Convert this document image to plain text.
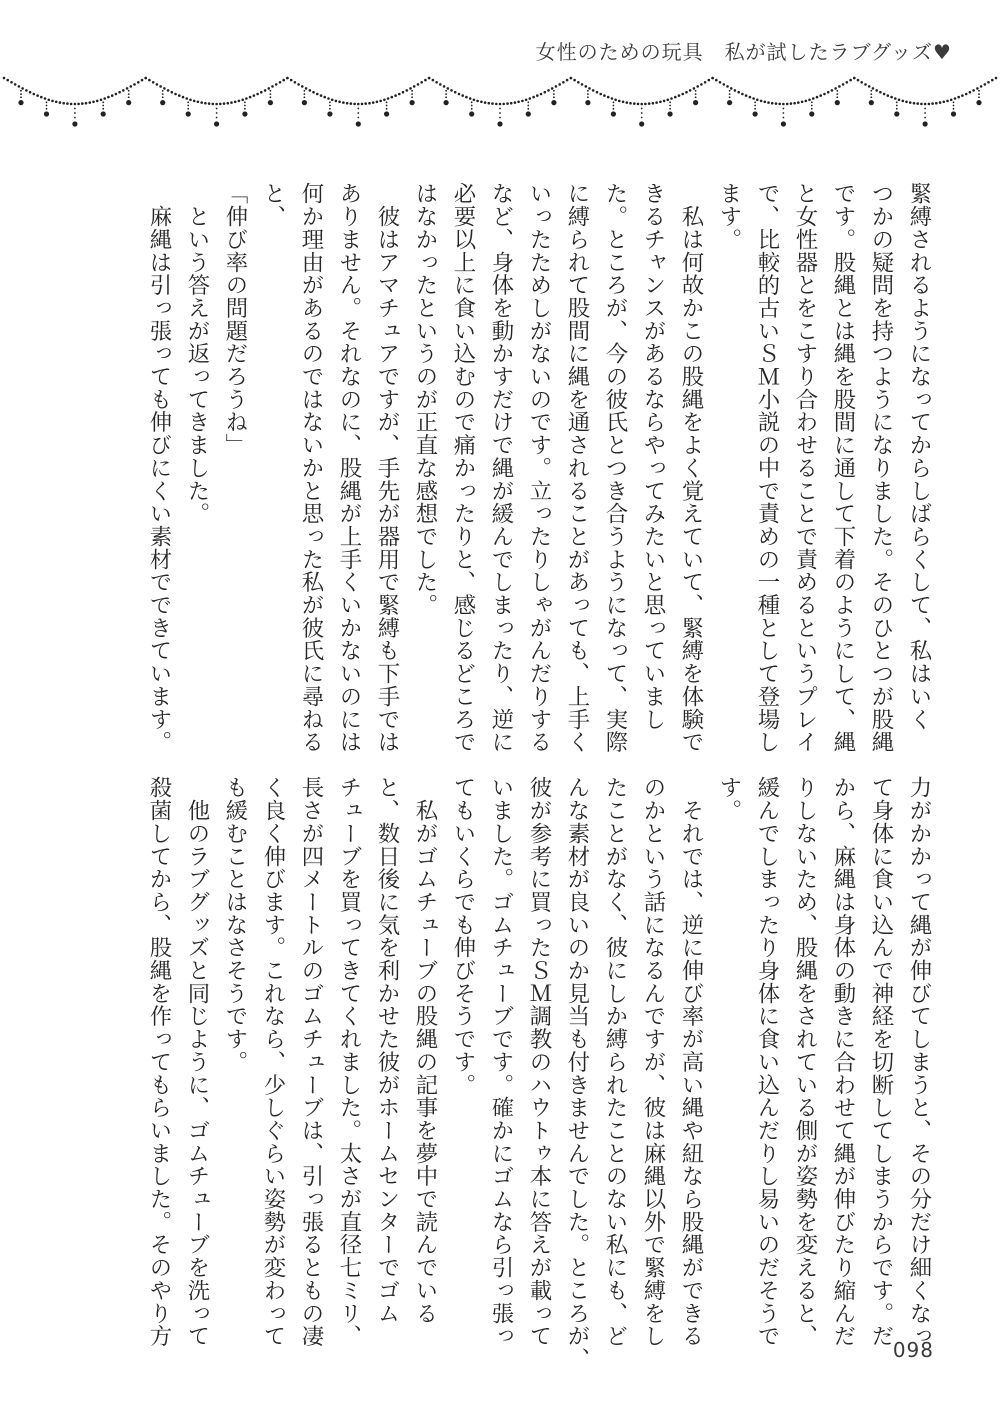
女性のための玩具　私が試したラブグッズ♥

緊縛されるようになってからしばらくして、私はいく

つかの疑問を持つようになりました。そのひとつが股縄

です。股縄とは縄を股間に通して下着のようにして、縄

と女性器とをこすり合わせることで責めるというプレイ

で、比較的古いＳＭ小説の中で責めの一種として登場し

ます。

　私は何故かこの股縄をよく覚えていて、緊縛を体験で

きるチャンスがあるならやってみたいと思っていまし

た。ところが、今の彼氏とつき合うようになって、実際

に縛られて股間に縄を通されることがあっても、上手く

いったためしがないのです。立ったりしゃがんだりする

など、身体を動かすだけで縄が緩んでしまったり、逆に

必要以上に食い込むので痛かったりと、感じるどころで

はなかったというのが正直な感想でした。

　彼はアマチュアですが、手先が器用で緊縛も下手では

ありません。それなのに、股縄が上手くいかないのには

何か理由があるのではないかと思った私が彼氏に尋ねる

と、

「伸び率の問題だろうね」

　という答えが返ってきました。

　麻縄は引っ張っても伸びにくい素材でできています。

力がかかって縄が伸びてしまうと、その分だけ細くなっ

て身体に食い込んで神経を切断してしまうからです。だ

から、麻縄は身体の動きに合わせて縄が伸びたり縮んだ

りしないため、股縄をされている側が姿勢を変えると、

緩んでしまったり身体に食い込んだりし易いのだそうで

す。

　それでは、逆に伸び率が高い縄や紐なら股縄ができる

のかという話になるんですが、彼は麻縄以外で緊縛をし

たことがなく、彼にしか縛られたことのない私にも、ど

んな素材が良いのか見当も付きませんでした。ところが、

彼が参考に買ったＳＭ調教のハウトゥ本に答えが載って

いました。ゴムチューブです。確かにゴムなら引っ張っ

てもいくらでも伸びそうです。

　私がゴムチューブの股縄の記事を夢中で読んでいる

と、数日後に気を利かせた彼がホームセンターでゴム

チューブを買ってきてくれました。太さが直径七ミリ、

長さが四メートルのゴムチューブは、引っ張るともの凄

く良く伸びます。これなら、少しぐらい姿勢が変わって

も緩むことはなさそうです。

　他のラブグッズと同じように、ゴムチューブを洗って

殺菌してから、股縄を作ってもらいました。そのやり方

098
